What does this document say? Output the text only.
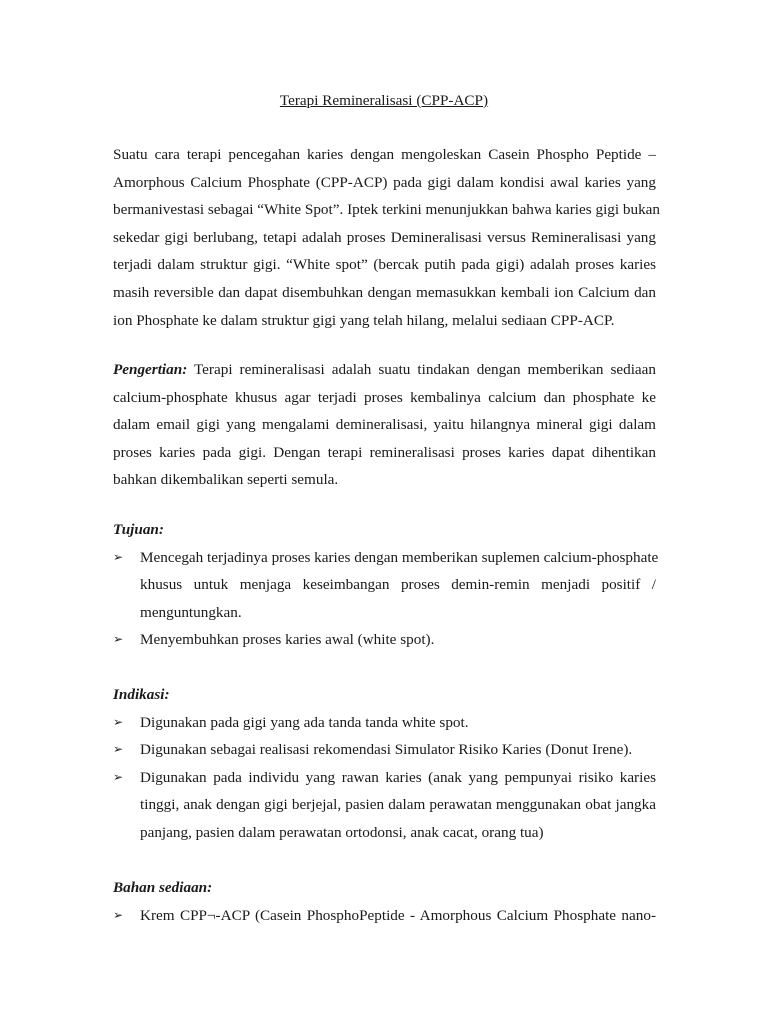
Terapi Remineralisasi (CPP-ACP)
Suatu cara terapi pencegahan karies dengan mengoleskan Casein Phospho Peptide –
Amorphous Calcium Phosphate (CPP-ACP) pada gigi dalam kondisi awal karies yang
bermanivestasi sebagai “White Spot”. Iptek terkini menunjukkan bahwa karies gigi bukan
sekedar gigi berlubang, tetapi adalah proses Demineralisasi versus Remineralisasi yang
terjadi dalam struktur gigi. “White spot” (bercak putih pada gigi) adalah proses karies
masih reversible dan dapat disembuhkan dengan memasukkan kembali ion Calcium dan
ion Phosphate ke dalam struktur gigi yang telah hilang, melalui sediaan CPP-ACP.
Pengertian: Terapi remineralisasi adalah suatu tindakan dengan memberikan sediaan
calcium-phosphate khusus agar terjadi proses kembalinya calcium dan phosphate ke
dalam email gigi yang mengalami demineralisasi, yaitu hilangnya mineral gigi dalam
proses karies pada gigi. Dengan terapi remineralisasi proses karies dapat dihentikan
bahkan dikembalikan seperti semula.
Tujuan:
➢ Mencegah terjadinya proses karies dengan memberikan suplemen calcium-phosphate
khusus untuk menjaga keseimbangan proses demin-remin menjadi positif /
menguntungkan.
➢ Menyembuhkan proses karies awal (white spot).
Indikasi:
➢ Digunakan pada gigi yang ada tanda tanda white spot.
➢ Digunakan sebagai realisasi rekomendasi Simulator Risiko Karies (Donut Irene).
➢ Digunakan pada individu yang rawan karies (anak yang pempunyai risiko karies
tinggi, anak dengan gigi berjejal, pasien dalam perawatan menggunakan obat jangka
panjang, pasien dalam perawatan ortodonsi, anak cacat, orang tua)
Bahan sediaan:
➢ Krem CPP¬-ACP (Casein PhosphoPeptide - Amorphous Calcium Phosphate nano-
